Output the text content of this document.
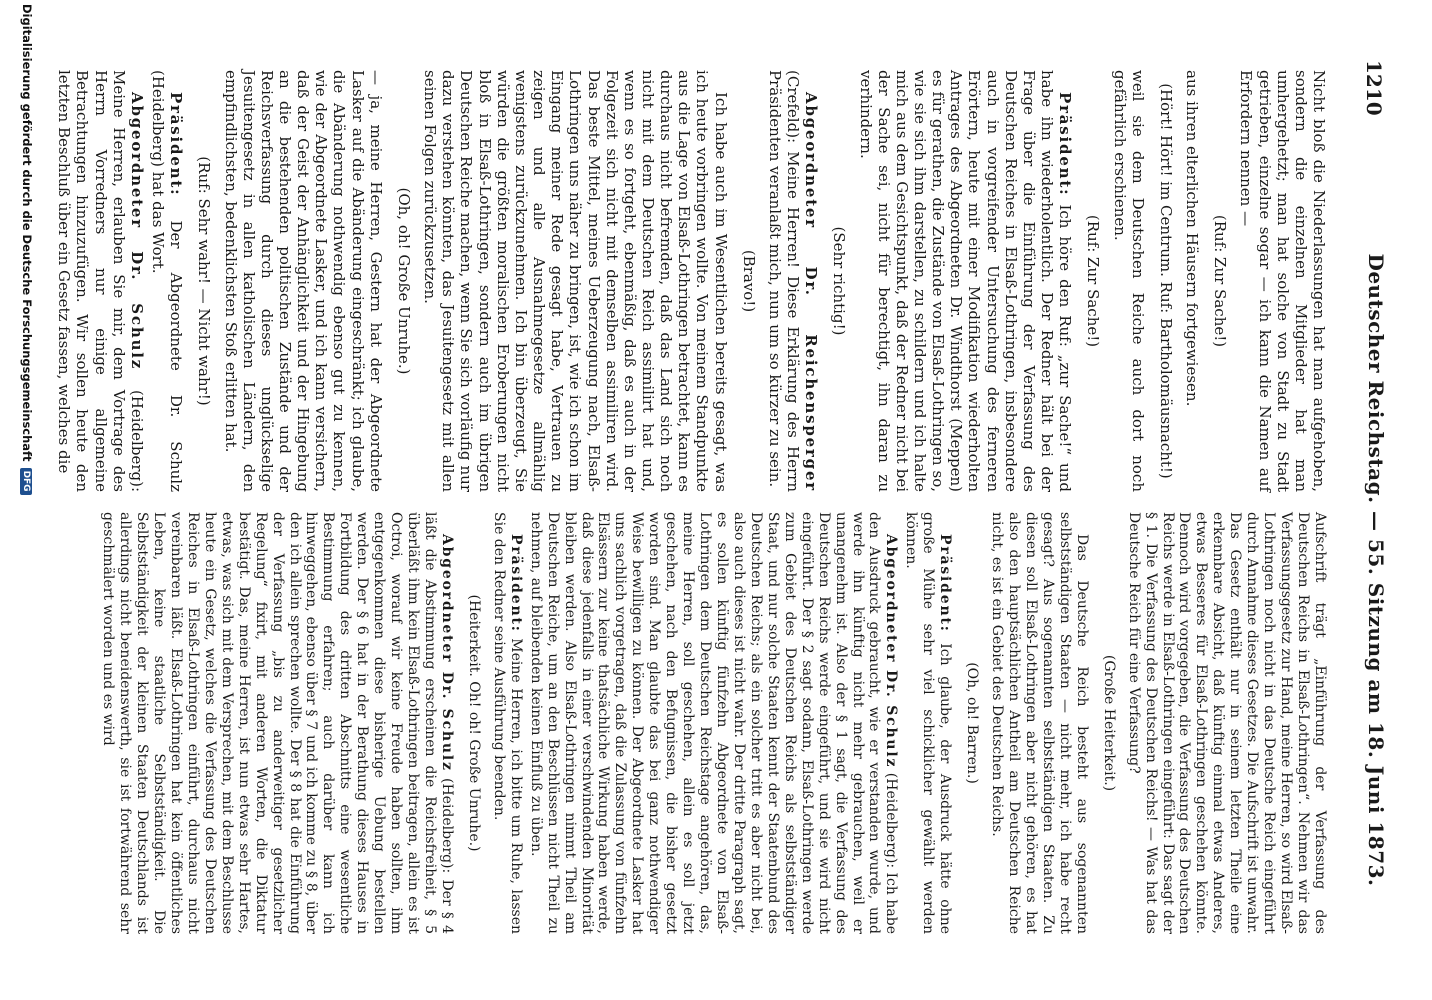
1210
Deutscher Reichstag. — 55. Sitzung am 18. Juni 1873.

Nicht bloß die Niederlassungen hat man aufgehoben, sondern die einzelnen Mitglieder hat man umhergehetzt; man hat solche von Stadt zu Stadt getrieben, einzelne sogar — ich kann die Namen auf Erfordern nennen —

(Ruf: Zur Sache!)

aus ihren elterlichen Häusern fortgewiesen.

(Hört! Hört! im Centrum. Ruf: Bartholomäusnacht!)

weil sie dem Deutschen Reiche auch dort noch gefährlich erschienen.

(Ruf: Zur Sache!)

Präsident: Ich höre den Ruf: „zur Sache!“ und habe ihn wiederholentlich. Der Redner hält bei der Frage über die Einführung der Verfassung des Deutschen Reiches in Elsaß-Lothringen, insbesondere auch in vorgreifender Untersuchung des ferneren Erörtern, heute mit einer Modifikation wiederholten Antrages des Abgeordneten Dr. Windthorst (Meppen) es für gerathen, die Zustände von Elsaß-Lothringen so, wie sie sich ihm darstellen, zu schildern und ich halte mich aus dem Gesichtspunkt, daß der Redner nicht bei der Sache sei, nicht für berechtigt, ihn daran zu verhindern.

(Sehr richtig!)

Abgeordneter Dr. Reichensperger (Crefeld): Meine Herren! Diese Erklärung des Herrn Präsidenten veranlaßt mich, nun um so kürzer zu sein.

(Bravo!)

Ich habe auch im Wesentlichen bereits gesagt, was ich heute vorbringen wollte. Von meinem Standpunkte aus die Lage von Elsaß-Lothringen betrachtet, kann es durchaus nicht befremden, daß das Land sich noch nicht mit dem Deutschen Reich assimilirt hat und, wenn es so fortgeht, ebenmäßig, daß es auch in der Folgezeit sich nicht mit demselben assimiliren wird. Das beste Mittel, meines Ueberzeugung nach, Elsaß-Lothringen uns näher zu bringen, ist, wie ich schon im Eingang meiner Rede gesagt habe, Vertrauen zu zeigen und alle Ausnahmegesetze allmählig wenigstens zurückzunehmen. Ich bin überzeugt, Sie würden die größten moralischen Eroberungen nicht bloß in Elsaß-Lothringen, sondern auch im übrigen Deutschen Reiche machen, wenn Sie sich vorläufig nur dazu verstehen könnten, das Jesuitengesetz mit allen seinen Folgen zurückzusetzen.

(Oh, oh! Große Unruhe.)

— ja, meine Herren, Gestern hat der Abgeordnete Lasker auf die Abänderung eingeschränkt; ich glaube, die Abänderung nothwendig ebenso gut zu kennen, wie der Abgeordnete Lasker, und ich kann versichern, daß der Geist der Anhänglichkeit und der Hingebung an die bestehenden politischen Zustände und der Reichsverfassung durch dieses unglückselige Jesuitengesetz in allen katholischen Ländern, den empfindlichsten, bedenklichsten Stoß erlitten hat.

(Ruf: Sehr wahr! — Nicht wahr!)

Präsident: Der Abgeordnete Dr. Schulz (Heidelberg) hat das Wort.

Abgeordneter Dr. Schulz (Heidelberg): Meine Herren, erlauben Sie mir, dem Vortrage des Herrn Vorredners nur einige allgemeine Betrachtungen hinzuzufügen. Wir sollen heute den letzten Beschluß über ein Gesetz fassen, welches die

Aufschrift trägt „Einführung der Verfassung des Deutschen Reichs in Elsaß-Lothringen“. Nehmen wir das Verfassungsgesetz zur Hand, meine Herren, so wird Elsaß-Lothringen noch nicht in das Deutsche Reich eingeführt durch Annahme dieses Gesetzes. Die Aufschrift ist unwahr. Das Gesetz enthält nur in seinem letzten Theile eine erkennbare Absicht, daß künftig einmal etwas Anderes, etwas Besseres für Elsaß-Lothringen geschehen könnte. Dennoch wird vorgegeben, die Verfassung des Deutschen Reichs werde in Elsaß-Lothringen eingeführt: Das sagt der § 1. Die Verfassung des Deutschen Reichs! — Was hat das Deutsche Reich für eine Verfassung?

(Große Heiterkeit.)

Das Deutsche Reich besteht aus sogenannten selbstständigen Staaten — nicht mehr, ich habe recht gesagt? Aus sogenannten selbstständigen Staaten. Zu diesen soll Elsaß-Lothringen aber nicht gehören, es hat also den hauptsächlichen Antheil am Deutschen Reiche nicht, es ist ein Gebiet des Deutschen Reichs.

(Oh, oh! Barren.)

Präsident: Ich glaube, der Ausdruck hätte ohne große Mühe sehr viel schicklicher gewählt werden können.

Abgeordneter Dr. Schulz (Heidelberg): Ich habe den Ausdruck gebraucht, wie er verstanden wurde, und werde ihn künftig nicht mehr gebrauchen, weil er unangenehm ist. Also der § 1 sagt, die Verfassung des Deutschen Reichs werde eingeführt, und sie wird nicht eingeführt. Der § 2 sagt sodann, Elsaß-Lothringen werde zum Gebiet des Deutschen Reichs als selbstständiger Staat, und nur solche Staaten kennt der Staatenbund des Deutschen Reichs; als ein solcher tritt es aber nicht bei, also auch dieses ist nicht wahr. Der dritte Paragraph sagt, es sollen künftig fünfzehn Abgeordnete von Elsaß-Lothringen dem Deutschen Reichstage angehören, das, meine Herren, soll geschehen, allein es soll jetzt geschehen, nach den Befugnissen, die bisher gesetzt worden sind. Man glaubte das bei ganz nothwendiger Weise bewilligen zu können. Der Abgeordnete Lasker hat uns sachlich vorgetragen, daß die Zulassung von fünfzehn Elsässern zur keine thatsächliche Wirkung haben werde, daß diese jedenfalls in einer verschwindenden Minorität bleiben werden. Also Elsaß-Lothringen nimmt Theil am Deutschen Reiche, um an den Beschlüssen nicht Theil zu nehmen, auf bleibenden keinen Einfluß zu üben.

Präsident: Meine Herren, ich bitte um Ruhe, lassen Sie den Redner seine Ausführung beenden.

(Heiterkeit. Oh! oh! Große Unruhe.)

Abgeordneter Dr. Schulz (Heidelberg): Der § 4 läßt die Abstimmung erscheinen die Reichsfreiheit, § 5 überläßt ihm kein Elsaß-Lothringen beitragen, allein es ist Octroi, worauf wir keine Freude haben sollten, ihm entgegenkommen diese bisherige Uebung bestellen werden. Der § 6 hat in der Berathung dieses Hauses in Fortbildung des dritten Abschnitts eine wesentliche Bestimmung erfahren; auch darüber kann ich hinweggehen, ebenso über § 7 und ich komme zu § 8, über den ich allein sprechen wollte. Der § 8 hat die Einführung der Verfassung „bis zu anderweitiger gesetzlicher Regelung“ fixirt, mit anderen Worten, die Diktatur bestätigt. Das, meine Herren, ist nun etwas sehr Hartes, etwas, was sich mit dem Versprechen, mit dem Beschlusse heute ein Gesetz, welches die Verfassung des Deutschen Reiches in Elsaß-Lothringen einführt, durchaus nicht vereinbaren läßt. Elsaß-Lothringen hat kein öffentliches Leben, keine staatliche Selbstständigkeit. Die Selbstständigkeit der kleinen Staaten Deutschlands ist allerdings nicht beneidenswerth, sie ist fortwährend sehr geschmälert worden und es wird

Digitalisierung gefördert durch die Deutsche ForschungsgemeinschaftDFG
